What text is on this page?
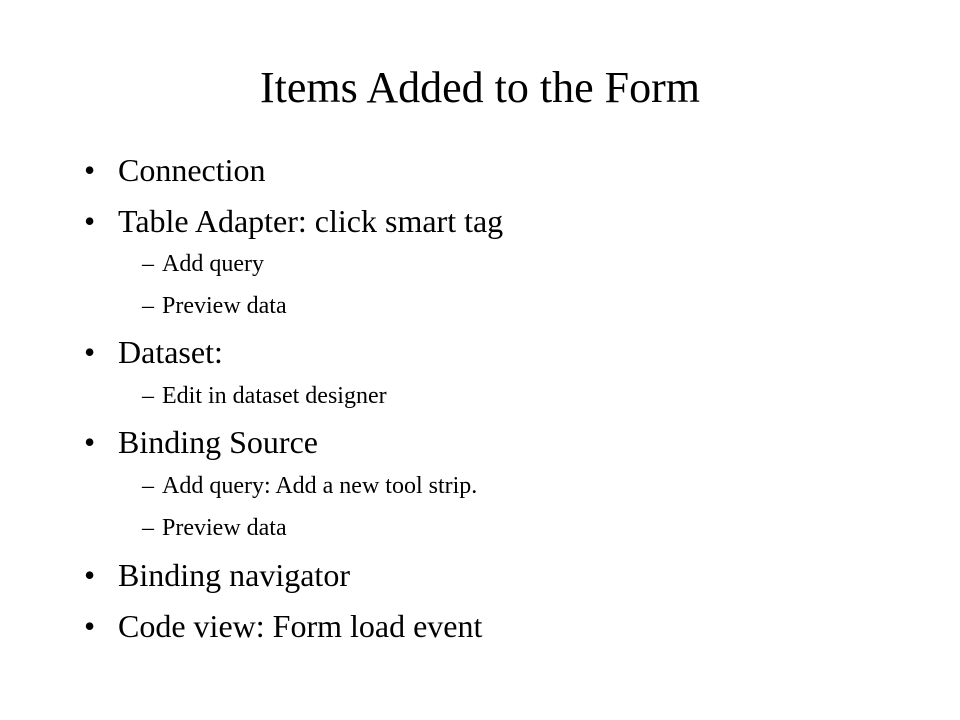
Items Added to the Form
• Connection
• Table Adapter: click smart tag
– Add query
– Preview data
• Dataset:
– Edit in dataset designer
• Binding Source
– Add query: Add a new tool strip.
– Preview data
• Binding navigator
• Code view: Form load event
